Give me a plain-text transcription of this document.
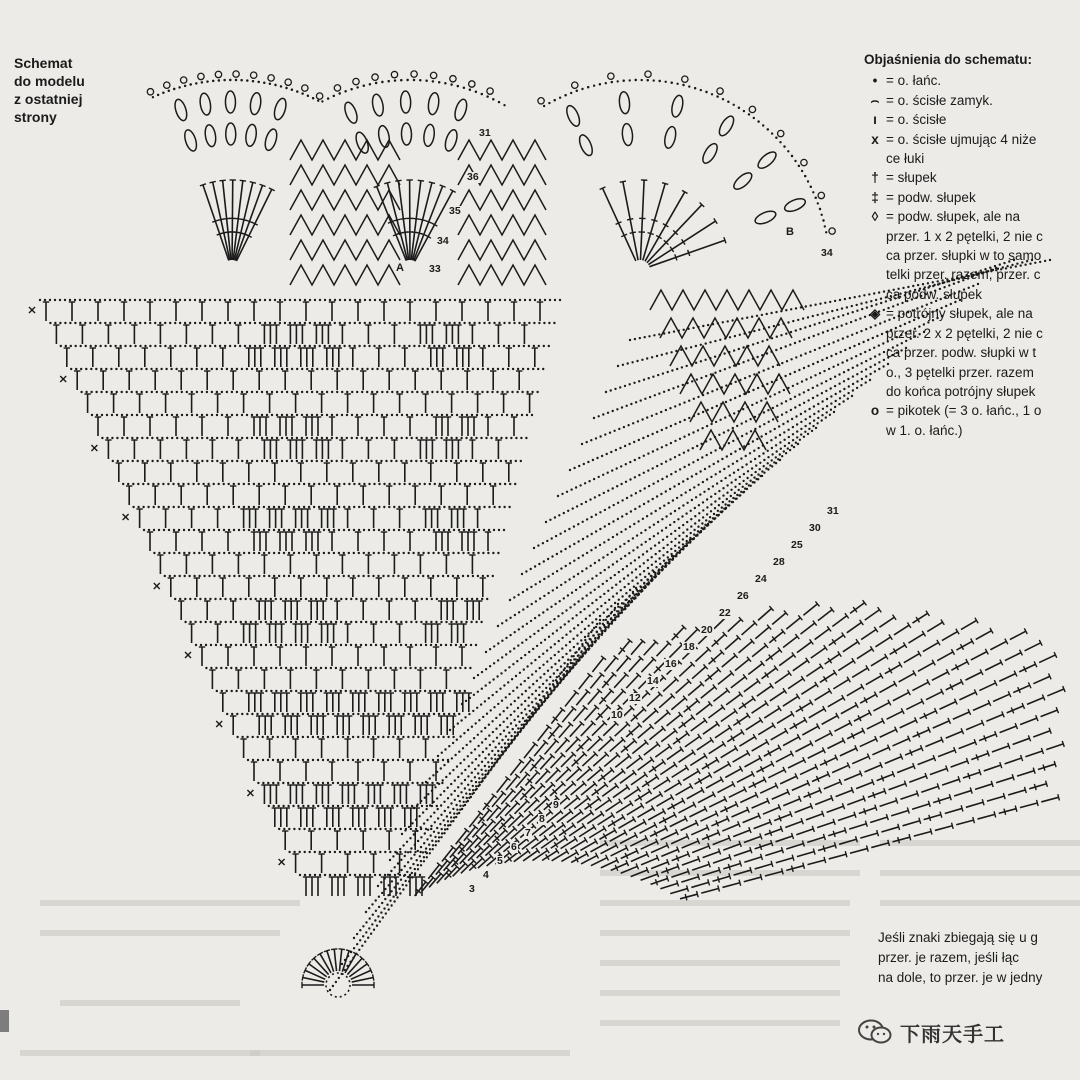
Schemat
do modelu
z ostatniej
strony
Objaśnienia do schematu:
• = o. łańc.
⌢ = o. ścisłe zamyk.
ı = o. ścisłe
x = o. ścisłe ujmując 4 niże
ce łuki
† = słupek
‡ = podw. słupek
◊ = podw. słupek, ale na
przer. 1 x 2 pętelki, 2 nie c
ca przer. słupki w to samo
telki przer. razem, przer. c
ca podw. słupek
◈ = potrójny słupek, ale na
przer. 2 x 2 pętelki, 2 nie c
ca przer. podw. słupki w t
o., 3 pętelki przer. razem
do końca potrójny słupek
o = pikotek (= 3 o. łańc., 1 o
w 1. o. łańc.)
Jeśli znaki zbiegają się u g
przer. je razem, jeśli łąc
na dole, to przer. je w jedny
31
36
35
34
33
34
31
30
25
28
24
26
22
20
18
16
14
12
10
9
8
7
6
5
4
3
A
B
下雨天手工
